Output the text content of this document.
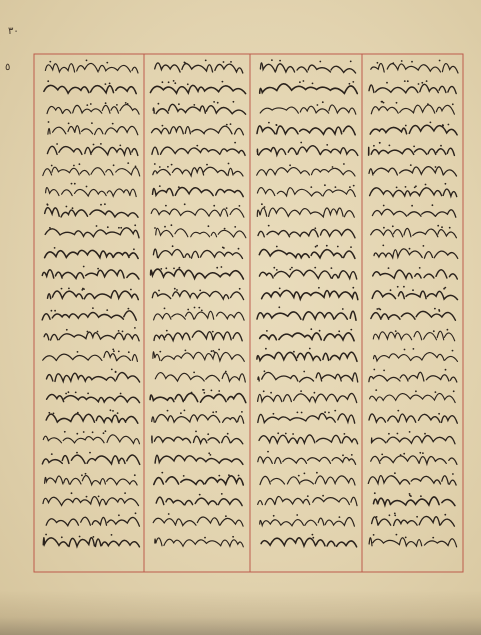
۳۰
٥
